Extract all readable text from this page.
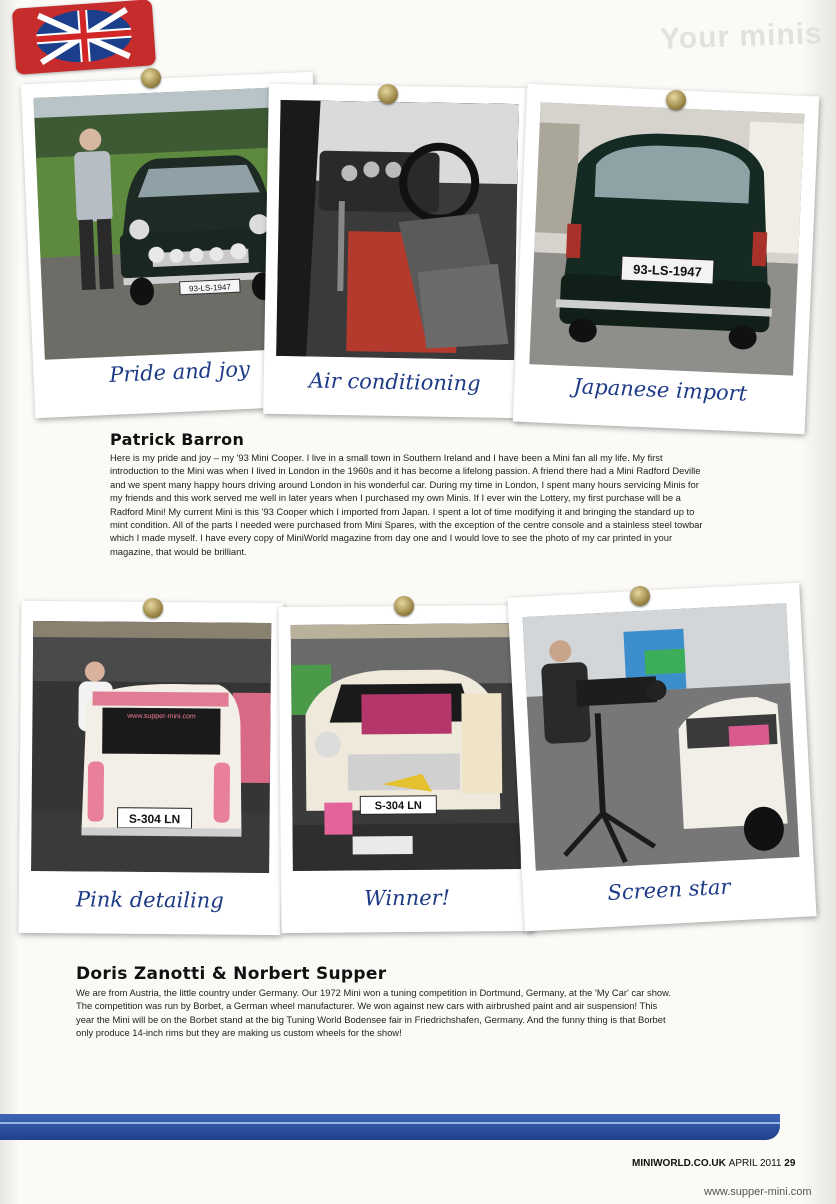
Your minis
93-LS-1947
Pride and joy	Air conditioning
93-LS-1947
Japanese import
Patrick Barron

Here is my pride and joy – my '93 Mini Cooper. I live in a small town in Southern Ireland and I have been a Mini fan all my life. My first introduction to the Mini was when I lived in London in the 1960s and it has become a lifelong passion. A friend there had a Mini Radford Deville and we spent many happy hours driving around London in his wonderful car. During my time in London, I spent many hours servicing Minis for my friends and this work served me well in later years when I purchased my own Minis. If I ever win the Lottery, my first purchase will be a Radford Mini! My current Mini is this '93 Cooper which I imported from Japan. I spent a lot of time modifying it and bringing the standard up to mint condition. All of the parts I needed were purchased from Mini Spares, with the exception of the centre console and a stainless steel towbar which I made myself. I have every copy of MiniWorld magazine from day one and I would love to see the photo of my car printed in your magazine, that would be brilliant.

www.supper-mini.com
S-304 LN
Pink detailing
S-304 LN
Winner!	Screen star
Doris Zanotti & Norbert Supper

We are from Austria, the little country under Germany. Our 1972 Mini won a tuning competition in Dortmund, Germany, at the 'My Car' car show. The competition was run by Borbet, a German wheel manufacturer. We won against new cars with airbrushed paint and air suspension! This year the Mini will be on the Borbet stand at the big Tuning World Bodensee fair in Friedrichshafen, Germany. And the funny thing is that Borbet only produce 14-inch rims but they are making us custom wheels for the show!

MINIWORLD.CO.UK APRIL 2011 29
www.supper-mini.com
